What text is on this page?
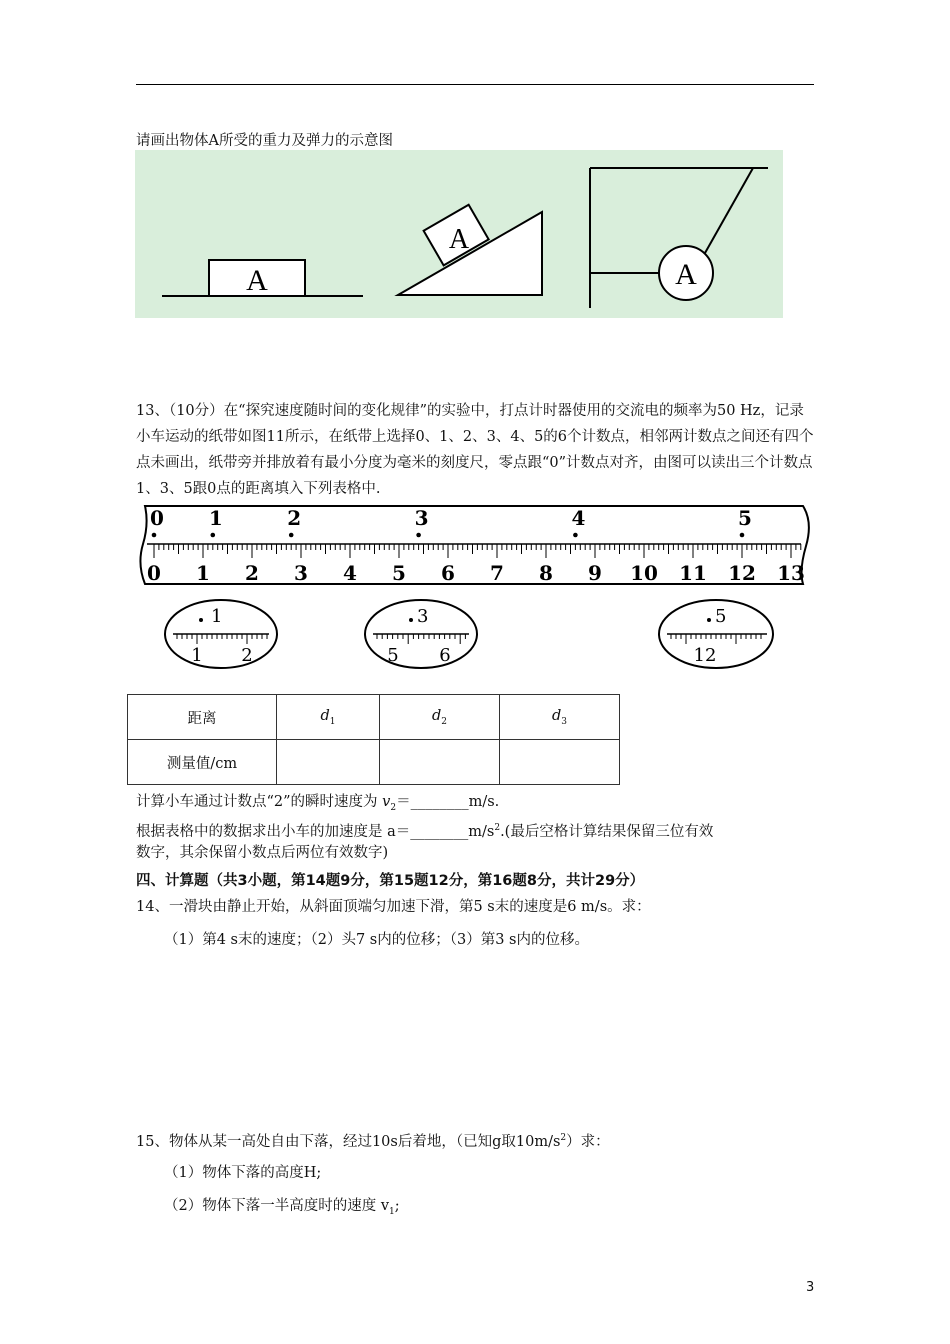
请画出物体A所受的重力及弹力的示意图
A
A
A
13、（10分）在“探究速度随时间的变化规律”的实验中，打点计时器使用的交流电的频率为50 Hz，记录小车运动的纸带如图11所示，在纸带上选择0、1、2、3、4、5的6个计数点，相邻两计数点之间还有四个点未画出，纸带旁并排放着有最小分度为毫米的刻度尺，零点跟“0”计数点对齐，由图可以读出三个计数点1、3、5跟0点的距离填入下列表格中.
0 1 2 3 4 5 6 7 8 9 10 11 12 13
0 1	2	3	4	5
1
1 2
3
5 6
5
12
距离	$d_1$	$d_2$	$d_3$
测量值/cm			
计算小车通过计数点“2”的瞬时速度为 $v_2=\_\_\_\_\_\_\_\_m/s$.
根据表格中的数据求出小车的加速度是 $a=\_\_\_\_\_\_\_\_m/s^2$.(最后空格计算结果保留三位有效
数字，其余保留小数点后两位有效数字)
四、计算题（共3小题，第14题9分，第15题12分，第16题8分，共计29分）
14、一滑块由静止开始，从斜面顶端匀加速下滑，第5 s末的速度是6 m/s。求：
（1）第4 s末的速度；（2）头7 s内的位移；（3）第3 s内的位移。
15、物体从某一高处自由下落，经过10s后着地，（已知g取$10m/s^2$）求：
（1）物体下落的高度H;
（2）物体下落一半高度时的速度 $v_1$;
3
